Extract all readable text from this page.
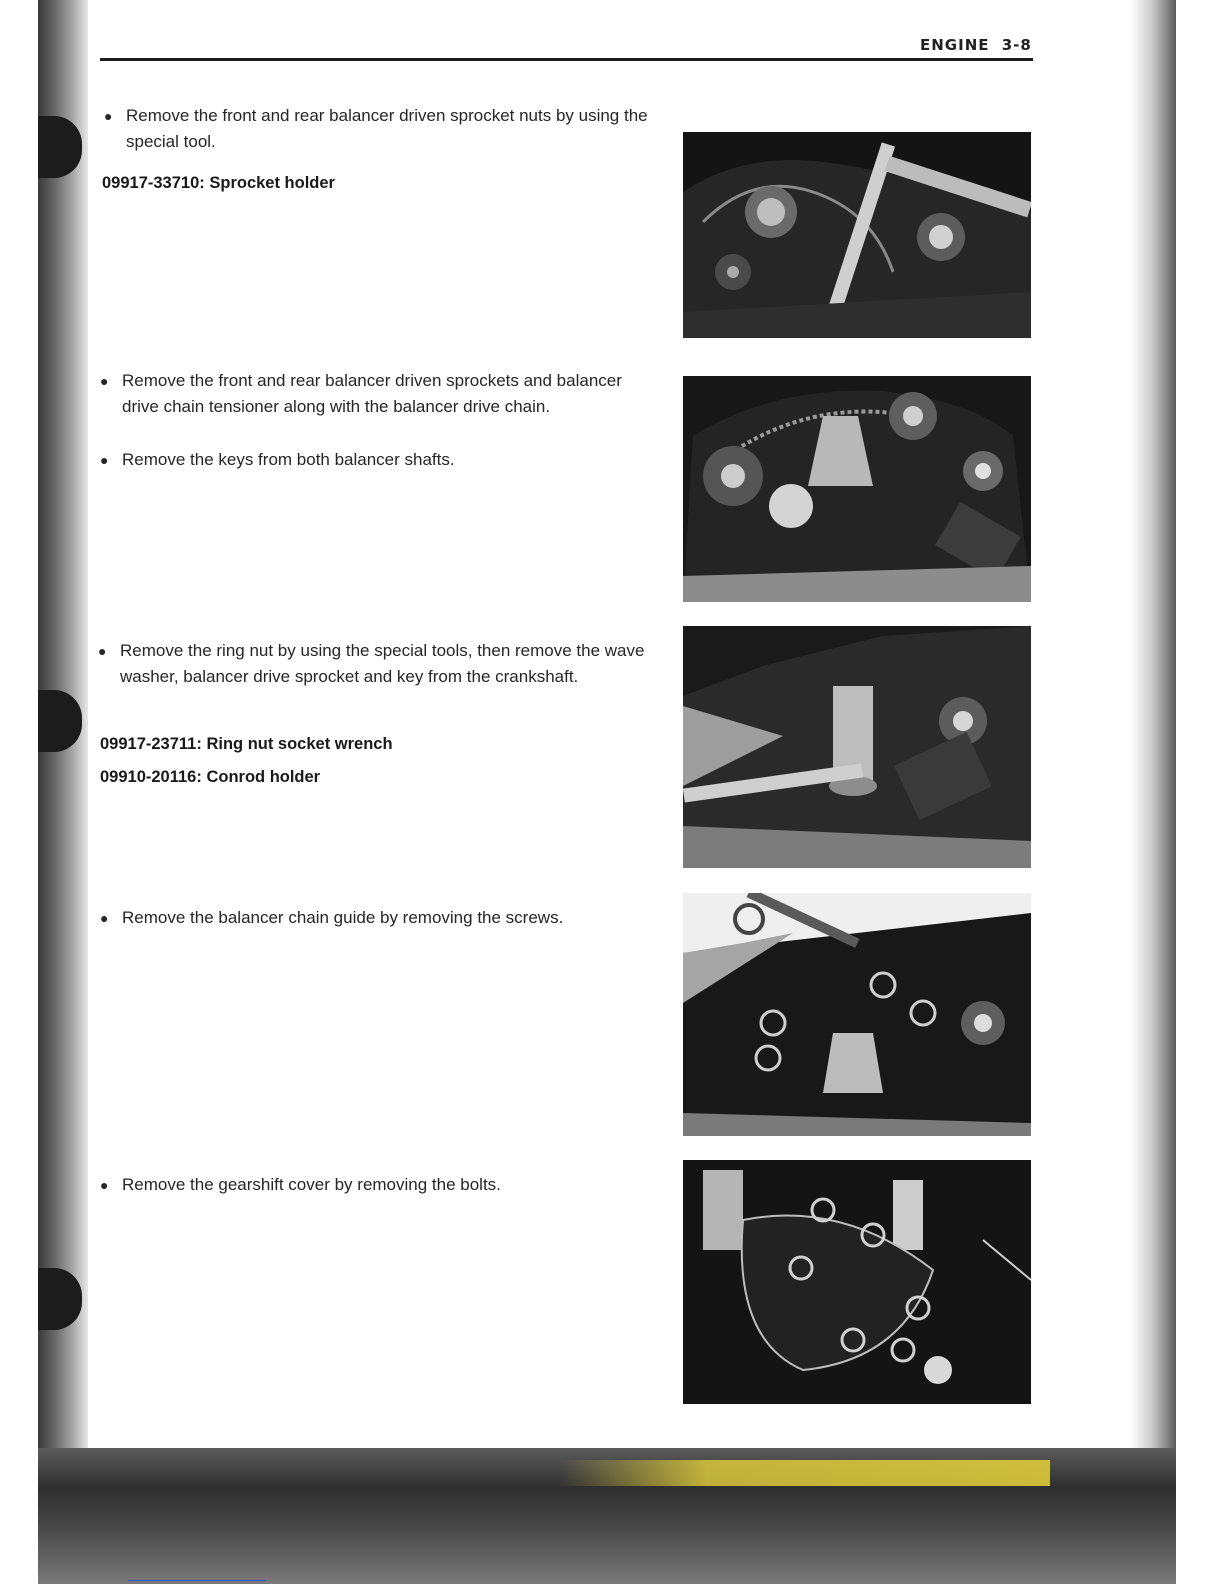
ENGINE 3-8
● Remove the front and rear balancer driven sprocket nuts by using the special tool.
09917-33710: Sprocket holder
● Remove the front and rear balancer driven sprockets and balancer drive chain tensioner along with the balancer drive chain.
● Remove the keys from both balancer shafts.
● Remove the ring nut by using the special tools, then remove the wave washer, balancer drive sprocket and key from the crankshaft.
09917-23711: Ring nut socket wrench
09910-20116: Conrod holder
● Remove the balancer chain guide by removing the screws.
● Remove the gearshift cover by removing the bolts.
